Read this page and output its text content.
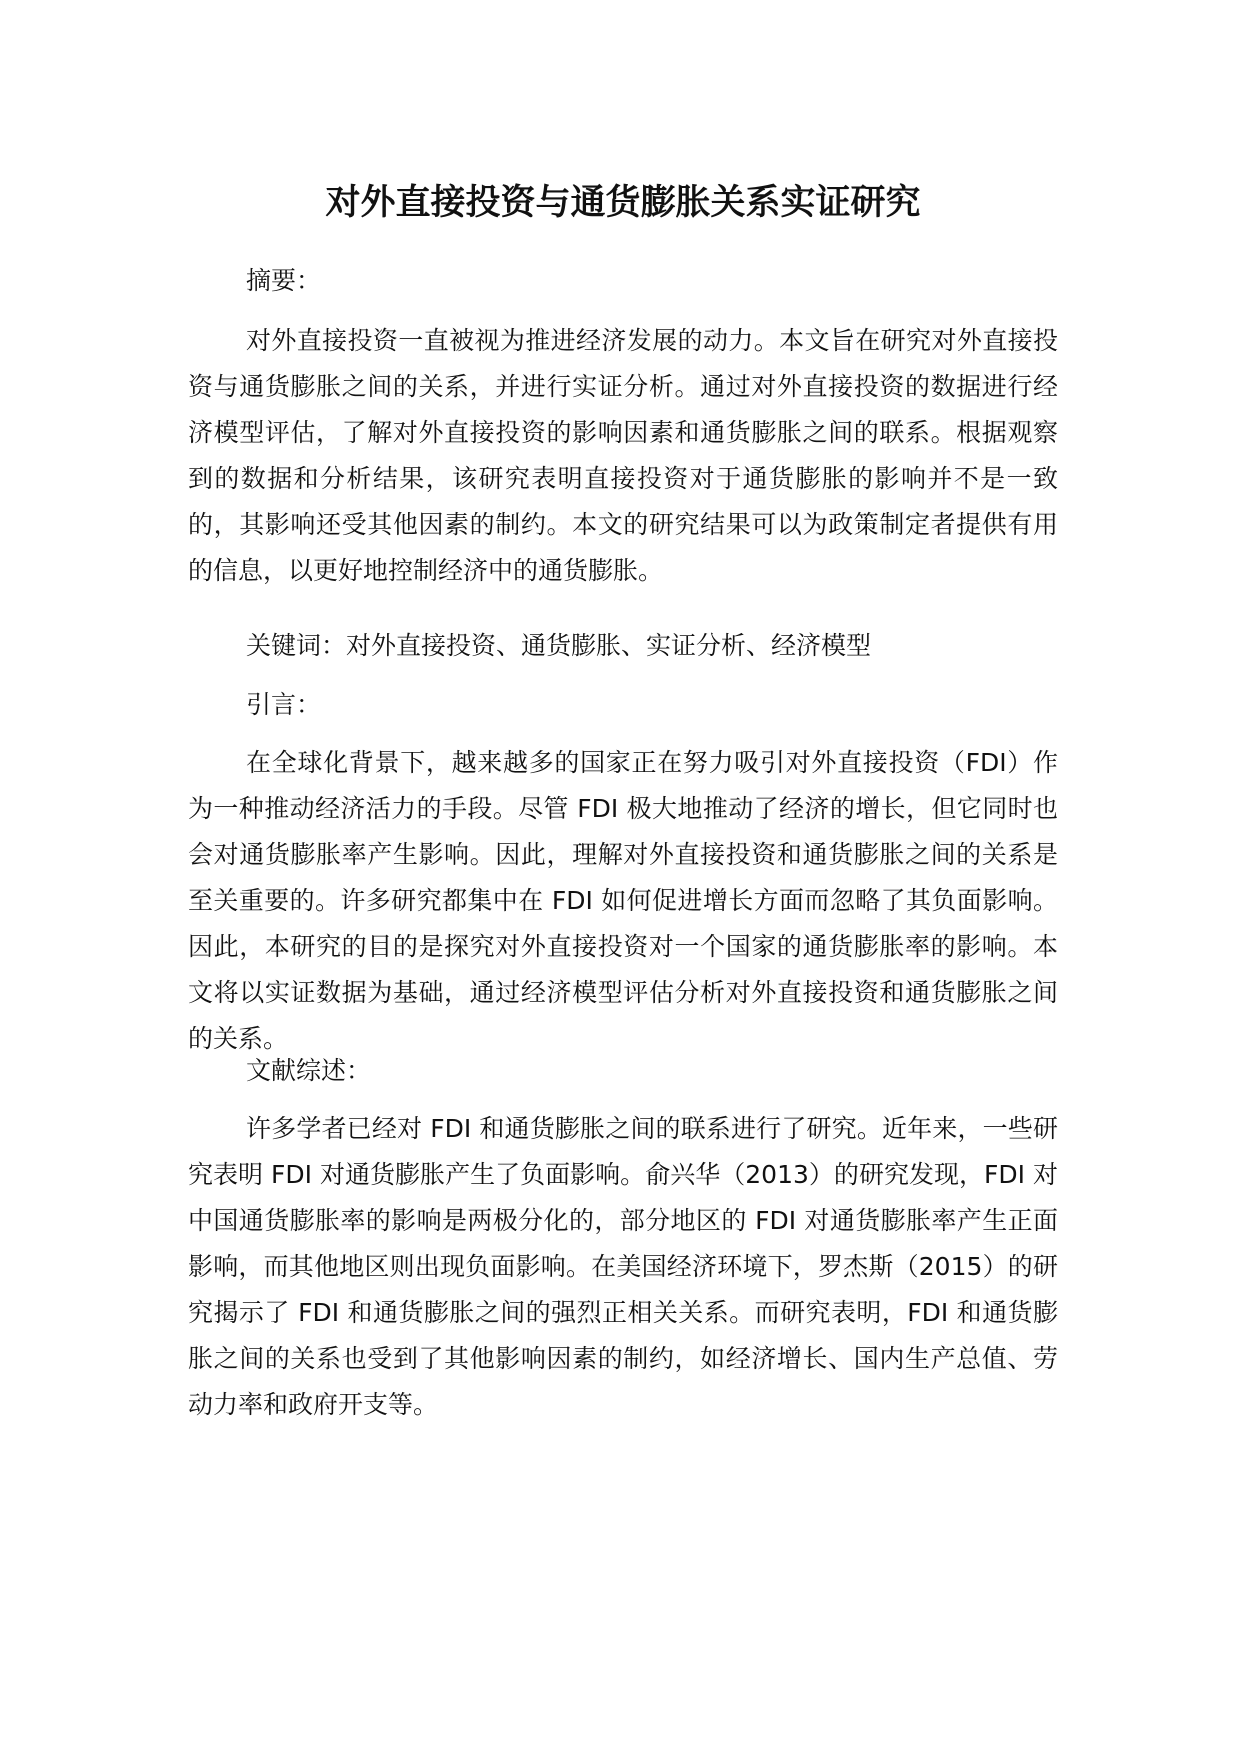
对外直接投资与通货膨胀关系实证研究

摘要：

对外直接投资一直被视为推进经济发展的动力。本文旨在研究对外直接投资与通货膨胀之间的关系，并进行实证分析。通过对外直接投资的数据进行经济模型评估，了解对外直接投资的影响因素和通货膨胀之间的联系。根据观察到的数据和分析结果，该研究表明直接投资对于通货膨胀的影响并不是一致的，其影响还受其他因素的制约。本文的研究结果可以为政策制定者提供有用的信息，以更好地控制经济中的通货膨胀。

关键词：对外直接投资、通货膨胀、实证分析、经济模型

引言：

在全球化背景下，越来越多的国家正在努力吸引对外直接投资（FDI）作为一种推动经济活力的手段。尽管 FDI 极大地推动了经济的增长，但它同时也会对通货膨胀率产生影响。因此，理解对外直接投资和通货膨胀之间的关系是至关重要的。许多研究都集中在 FDI 如何促进增长方面而忽略了其负面影响。因此，本研究的目的是探究对外直接投资对一个国家的通货膨胀率的影响。本文将以实证数据为基础，通过经济模型评估分析对外直接投资和通货膨胀之间的关系。

文献综述：

许多学者已经对 FDI 和通货膨胀之间的联系进行了研究。近年来，一些研究表明 FDI 对通货膨胀产生了负面影响。俞兴华（2013）的研究发现，FDI 对中国通货膨胀率的影响是两极分化的，部分地区的 FDI 对通货膨胀率产生正面影响，而其他地区则出现负面影响。在美国经济环境下，罗杰斯（2015）的研究揭示了 FDI 和通货膨胀之间的强烈正相关关系。而研究表明，FDI 和通货膨胀之间的关系也受到了其他影响因素的制约，如经济增长、国内生产总值、劳动力率和政府开支等。
